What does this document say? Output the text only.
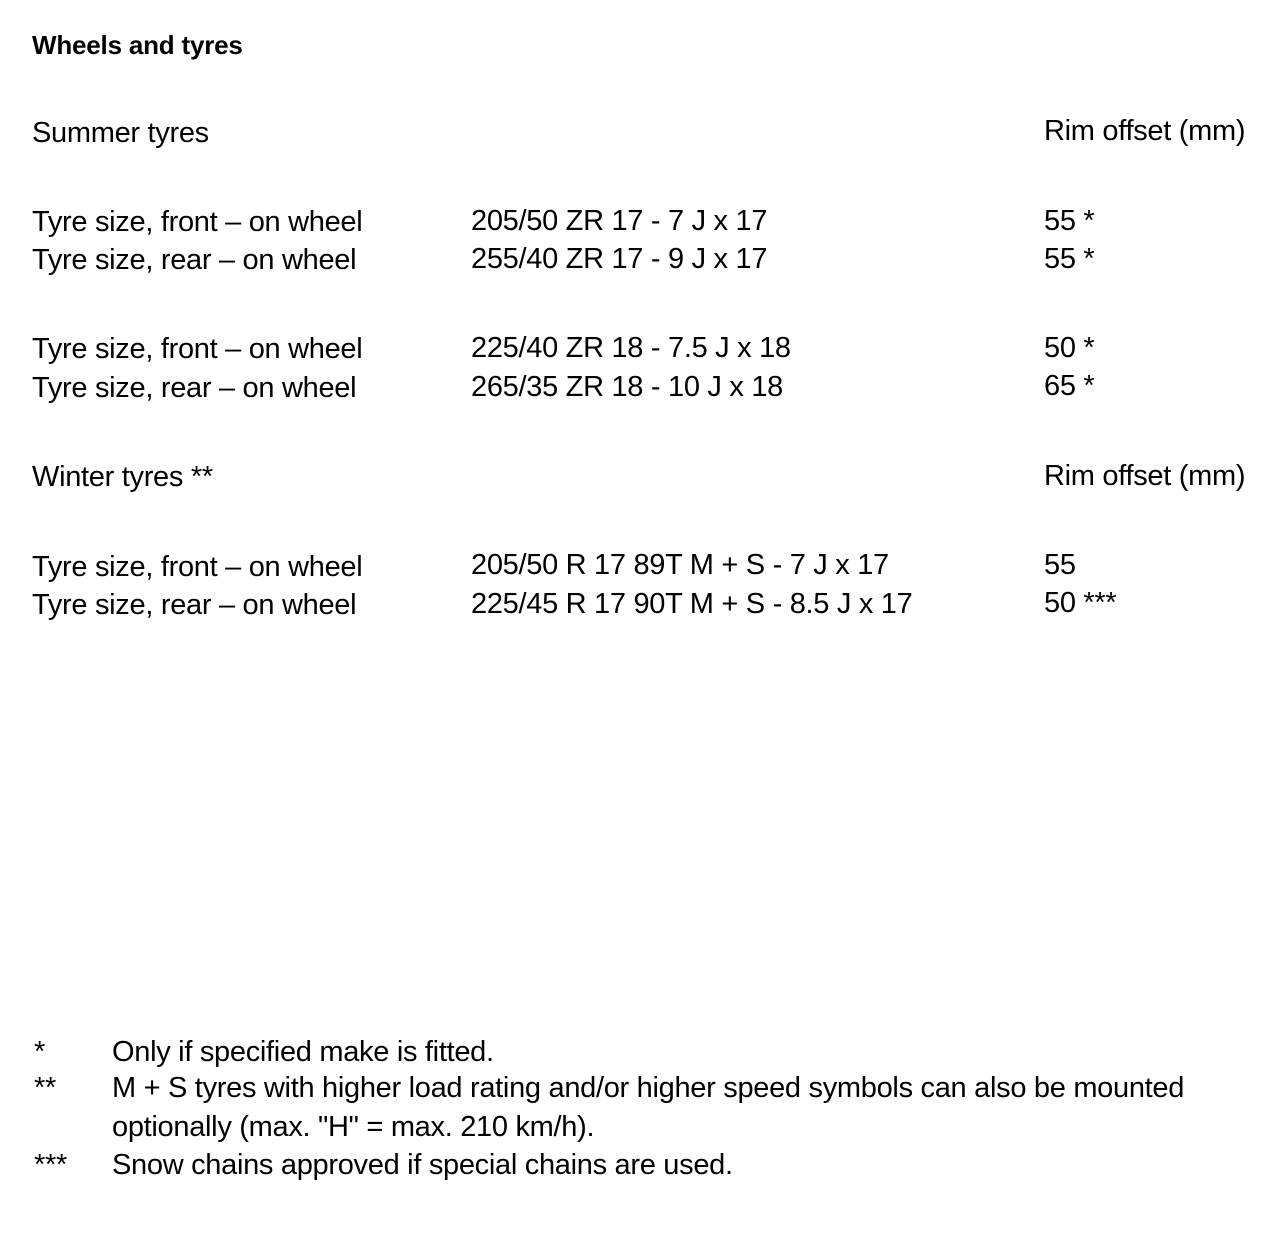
Wheels and tyres
Summer tyres	Rim offset (mm)
Tyre size, front – on wheel	205/50 ZR 17 - 7 J x 17	55 *
Tyre size, rear – on wheel	255/40 ZR 17 - 9 J x 17	55 *
Tyre size, front – on wheel	225/40 ZR 18 - 7.5 J x 18	50 *
Tyre size, rear – on wheel	265/35 ZR 18 - 10 J x 18	65 *
Winter tyres **	Rim offset (mm)
Tyre size, front – on wheel	205/50 R 17 89T M + S - 7 J x 17	55
Tyre size, rear – on wheel	225/45 R 17 90T M + S - 8.5 J x 17	50 ***
* Only if specified make is fitted.
** M + S tyres with higher load rating and/or higher speed symbols can also be mounted
optionally (max. "H" = max. 210 km/h).
*** Snow chains approved if special chains are used.
